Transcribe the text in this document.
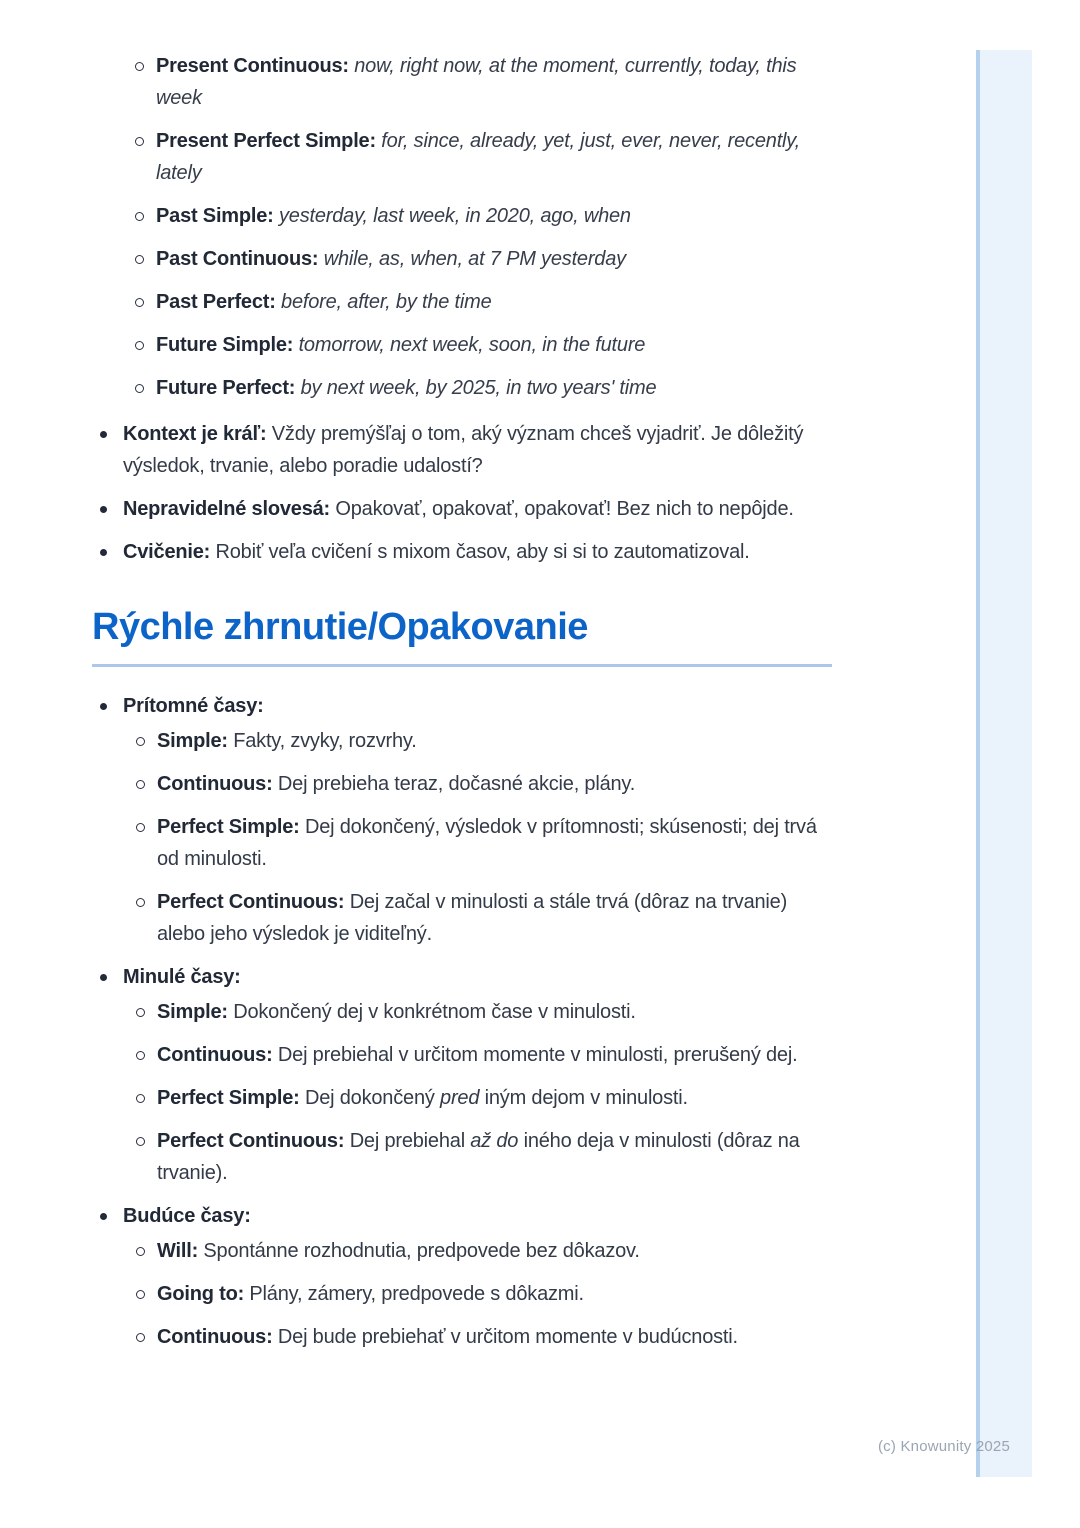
Present Continuous: now, right now, at the moment, currently, today, this week
Present Perfect Simple: for, since, already, yet, just, ever, never, recently, lately
Past Simple: yesterday, last week, in 2020, ago, when
Past Continuous: while, as, when, at 7 PM yesterday
Past Perfect: before, after, by the time
Future Simple: tomorrow, next week, soon, in the future
Future Perfect: by next week, by 2025, in two years' time
Kontext je kráľ: Vždy premýšľaj o tom, aký význam chceš vyjadriť. Je dôležitý výsledok, trvanie, alebo poradie udalostí?
Nepravidelné slovesá: Opakovať, opakovať, opakovať! Bez nich to nepôjde.
Cvičenie: Robiť veľa cvičení s mixom časov, aby si si to zautomatizoval.
Rýchle zhrnutie/Opakovanie
Prítomné časy:
Simple: Fakty, zvyky, rozvrhy.
Continuous: Dej prebieha teraz, dočasné akcie, plány.
Perfect Simple: Dej dokončený, výsledok v prítomnosti; skúsenosti; dej trvá od minulosti.
Perfect Continuous: Dej začal v minulosti a stále trvá (dôraz na trvanie) alebo jeho výsledok je viditeľný.
Minulé časy:
Simple: Dokončený dej v konkrétnom čase v minulosti.
Continuous: Dej prebiehal v určitom momente v minulosti, prerušený dej.
Perfect Simple: Dej dokončený pred iným dejom v minulosti.
Perfect Continuous: Dej prebiehal až do iného deja v minulosti (dôraz na trvanie).
Budúce časy:
Will: Spontánne rozhodnutia, predpovede bez dôkazov.
Going to: Plány, zámery, predpovede s dôkazmi.
Continuous: Dej bude prebiehať v určitom momente v budúcnosti.
(c) Knowunity 2025
